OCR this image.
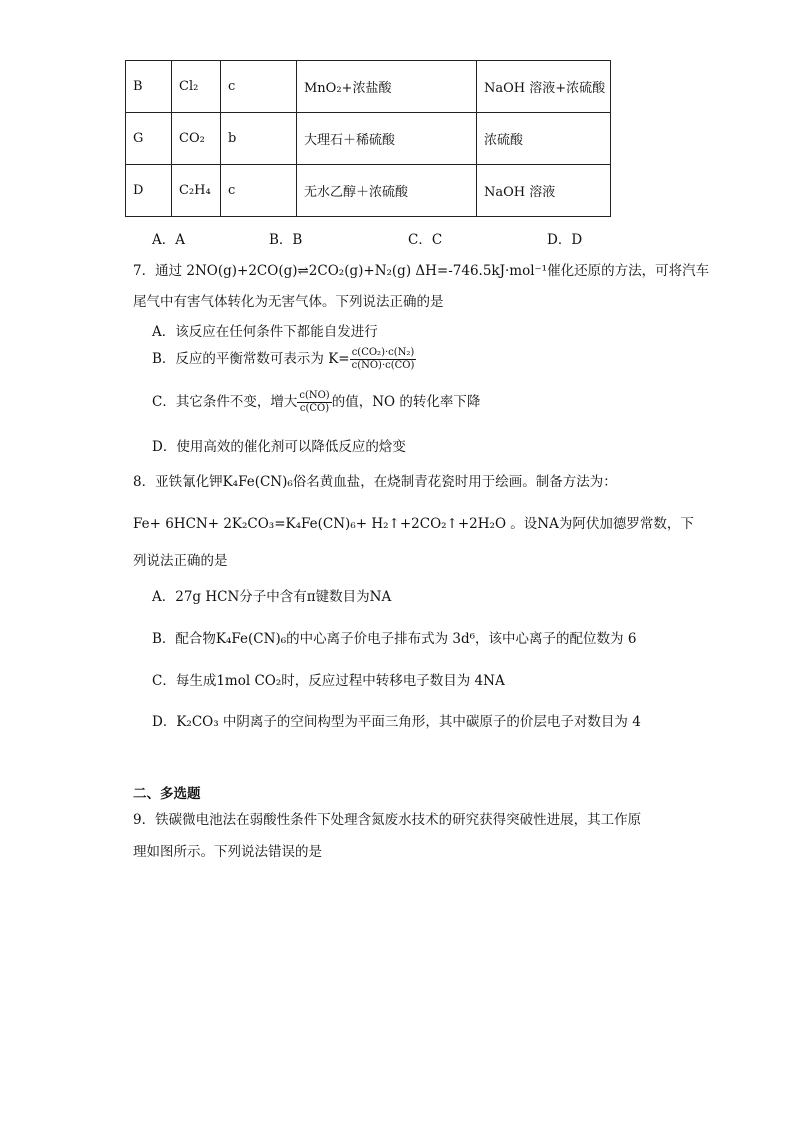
B	Cl₂	c	MnO₂+浓盐酸	NaOH 溶液+浓硫酸
G	CO₂	b	大理石＋稀硫酸	浓硫酸
D	C₂H₄	c	无水乙醇＋浓硫酸	NaOH 溶液
A．A	B．B	C．C	D．D
7．通过 2NO(g)+2CO(g)⇌2CO₂(g)+N₂(g) ΔH=-746.5kJ·mol⁻¹催化还原的方法，可将汽车
尾气中有害气体转化为无害气体。下列说法正确的是
A．该反应在任何条件下都能自发进行
B．反应的平衡常数可表示为 $K= \frac{\text{c(CO₂)·c(N₂)}}{c(NO)\cdot c(CO)}$
C．其它条件不变，增大 $\frac{c(NO)}{c(CO)}$ 的值，NO 的转化率下降
D．使用高效的催化剂可以降低反应的焓变
8．亚铁氰化钾K₄Fe(CN)₆俗名黄血盐，在烧制青花瓷时用于绘画。制备方法为：
Fe+ 6HCN+ 2K₂CO₃=K₄Fe(CN)₆+ H₂↑+2CO₂↑+2H₂O 。设NA为阿伏加德罗常数，下
列说法正确的是
A．27g HCN分子中含有π键数目为NA
B．配合物K₄Fe(CN)₆的中心离子价电子排布式为 3d⁶，该中心离子的配位数为 6
C．每生成1mol CO₂时，反应过程中转移电子数目为 4NA
D．K₂CO₃ 中阴离子的空间构型为平面三角形，其中碳原子的价层电子对数目为 4
二、多选题
9．铁碳微电池法在弱酸性条件下处理含氮废水技术的研究获得突破性进展，其工作原
理如图所示。下列说法错误的是
